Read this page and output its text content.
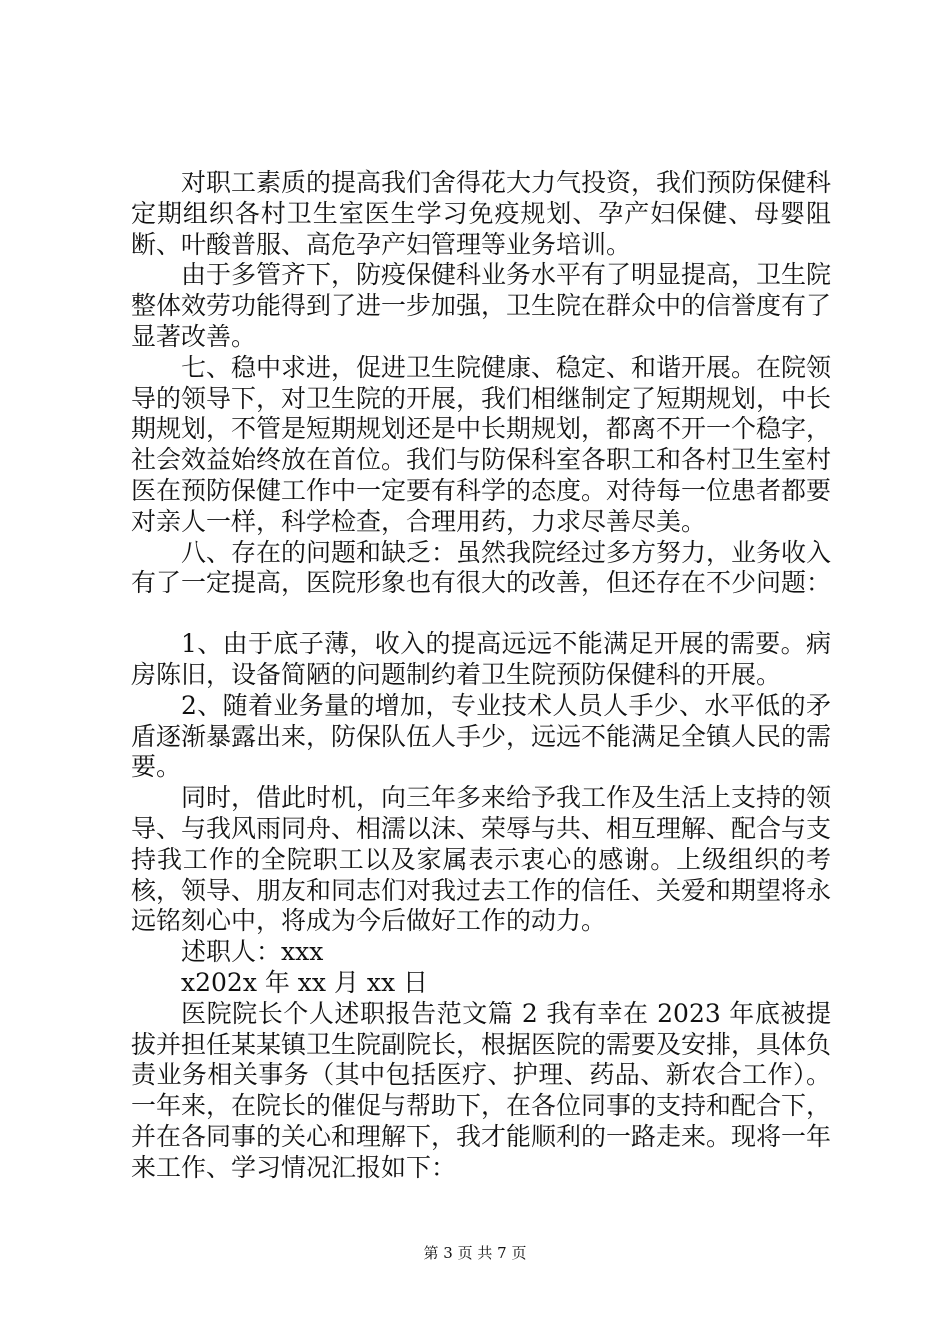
对职工素质的提高我们舍得花大力气投资，我们预防保健科定期组织各村卫生室医生学习免疫规划、孕产妇保健、母婴阻断、叶酸普服、高危孕产妇管理等业务培训。

由于多管齐下，防疫保健科业务水平有了明显提高，卫生院整体效劳功能得到了进一步加强，卫生院在群众中的信誉度有了显著改善。

七、稳中求进，促进卫生院健康、稳定、和谐开展。在院领导的领导下，对卫生院的开展，我们相继制定了短期规划，中长期规划，不管是短期规划还是中长期规划，都离不开一个稳字，社会效益始终放在首位。我们与防保科室各职工和各村卫生室村医在预防保健工作中一定要有科学的态度。对待每一位患者都要对亲人一样，科学检查，合理用药，力求尽善尽美。

八、存在的问题和缺乏：虽然我院经过多方努力，业务收入有了一定提高，医院形象也有很大的改善，但还存在不少问题：

1、由于底子薄，收入的提高远远不能满足开展的需要。病房陈旧，设备简陋的问题制约着卫生院预防保健科的开展。

2、随着业务量的增加，专业技术人员人手少、水平低的矛盾逐渐暴露出来，防保队伍人手少，远远不能满足全镇人民的需要。

同时，借此时机，向三年多来给予我工作及生活上支持的领导、与我风雨同舟、相濡以沫、荣辱与共、相互理解、配合与支持我工作的全院职工以及家属表示衷心的感谢。上级组织的考核，领导、朋友和同志们对我过去工作的信任、关爱和期望将永远铭刻心中，将成为今后做好工作的动力。

述职人：xxx

x202x 年 xx 月 xx 日

医院院长个人述职报告范文篇 2 我有幸在 2023 年底被提拔并担任某某镇卫生院副院长，根据医院的需要及安排，具体负责业务相关事务（其中包括医疗、护理、药品、新农合工作）。一年来，在院长的催促与帮助下，在各位同事的支持和配合下，并在各同事的关心和理解下，我才能顺利的一路走来。现将一年来工作、学习情况汇报如下：

第 3 页 共 7 页
